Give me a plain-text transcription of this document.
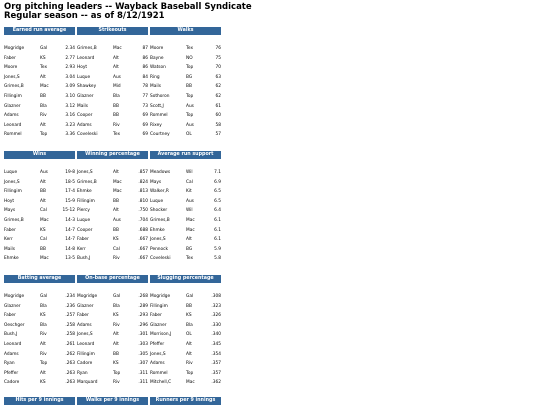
Org pitching leaders -- Wayback Baseball Syndicate
Regular season -- as of 8/12/1921
Earned run average
Mogridge	Gal	2.34
Faber	KS	2.77
Moore	Tex	2.93
Jones,S	Alt	3.04
Grimes,B	Mac	3.09
Fillingim	BB	3.10
Glazner	Bla	3.12
Adams	Riv	3.16
Leonard	Alt	3.23
Rommel	Top	3.36
Strikeouts
Grimes,B	Mac	87
Leonard	Alt	86
Hoyt	Alt	86
Luque	Aus	84
Shawkey	Mid	78
Glazner	Bla	77
Mails	BB	73
Cooper	BB	69
Adams	Riv	69
Coveleski	Tex	69
Walks
Moore	Tex	76
Bayne	NO	75
Watson	Top	70
Ring	BG	63
Mails	BB	62
Sothoron	Top	62
Scott,J	Aus	61
Rommel	Top	60
Rixey	Aus	58
Courtney	OL	57
Wins
Luque	Aus	19-8
Jones,S	Alt	18-5
Fillingim	BB	17-4
Hoyt	Alt	15-9
Mays	Cal	15-12
Grimes,B	Mac	14-3
Faber	KS	14-7
Kerr	Cal	14-7
Mails	BB	14-8
Ehmke	Mac	13-5
Winning percentage
Jones,S	Alt	.857
Grimes,B	Mac	.824
Ehmke	Mac	.813
Fillingim	BB	.810
Piercy	Alt	.750
Luque	Aus	.704
Cooper	BB	.688
Faber	KS	.667
Kerr	Cal	.667
Bush,J	Riv	.667
Average run support
Meadows	Wil	7.1
Mays	Cal	6.9
Walker,R	Kit	6.5
Luque	Aus	6.5
Shocker	Wil	6.4
Grimes,B	Mac	6.1
Ehmke	Mac	6.1
Jones,S	Alt	6.1
Pennock	BG	5.9
Coveleski	Tex	5.8
Batting average
Mogridge	Gal	.234
Glazner	Bla	.236
Faber	KS	.257
Oeschger	Bla	.258
Bush,J	Riv	.258
Leonard	Alt	.261
Adams	Riv	.262
Ryan	Top	.263
Pfeffer	Alt	.263
Cadore	KS	.263
On-base percentage
Mogridge	Gal	.268
Glazner	Bla	.289
Faber	KS	.293
Adams	Riv	.296
Jones,S	Alt	.301
Leonard	Alt	.303
Fillingim	BB	.305
Cadore	KS	.307
Ryan	Top	.311
Marquard	Riv	.311
Slugging percentage
Mogridge	Gal	.308
Fillingim	BB	.323
Faber	KS	.326
Glazner	Bla	.330
Morrison,J	OL	.340
Pfeffer	Alt	.345
Jones,S	Alt	.354
Adams	Riv	.357
Rommel	Top	.357
Mitchell,C	Mac	.362
Hits per 9 innings	Walks per 9 innings	Runners per 9 innings
